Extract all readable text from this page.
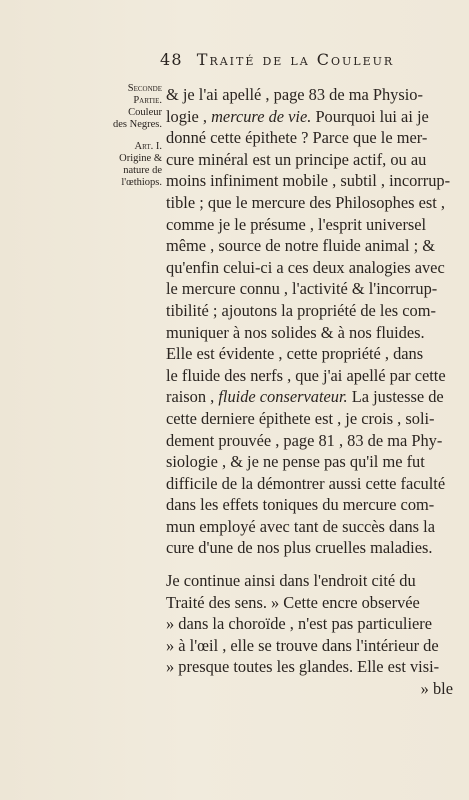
48 Traité de la Couleur
Seconde
Partie.
Couleur
des Negres.
Art. I.
Origine &
nature de
l'œthiops.
& je l'ai apellé , page 83 de ma Physio-
logie , mercure de vie. Pourquoi lui ai je
donné cette épithete ? Parce que le mer-
cure minéral est un principe actif, ou au
moins infiniment mobile , subtil , incorrup-
tible ; que le mercure des Philosophes est ,
comme je le présume , l'esprit universel
même , source de notre fluide animal ; &
qu'enfin celui-ci a ces deux analogies avec
le mercure connu , l'activité & l'incorrup-
tibilité ; ajoutons la propriété de les com-
muniquer à nos solides & à nos fluides.
Elle est évidente , cette propriété , dans
le fluide des nerfs , que j'ai apellé par cette
raison , fluide conservateur. La justesse de
cette derniere épithete est , je crois , soli-
dement prouvée , page 81 , 83 de ma Phy-
siologie , & je ne pense pas qu'il me fut
difficile de la démontrer aussi cette faculté
dans les effets toniques du mercure com-
mun employé avec tant de succès dans la
cure d'une de nos plus cruelles maladies.
Je continue ainsi dans l'endroit cité du
Traité des sens. » Cette encre observée
» dans la choroïde , n'est pas particuliere
» à l'œil , elle se trouve dans l'intérieur de
» presque toutes les glandes. Elle est visi-
» ble
